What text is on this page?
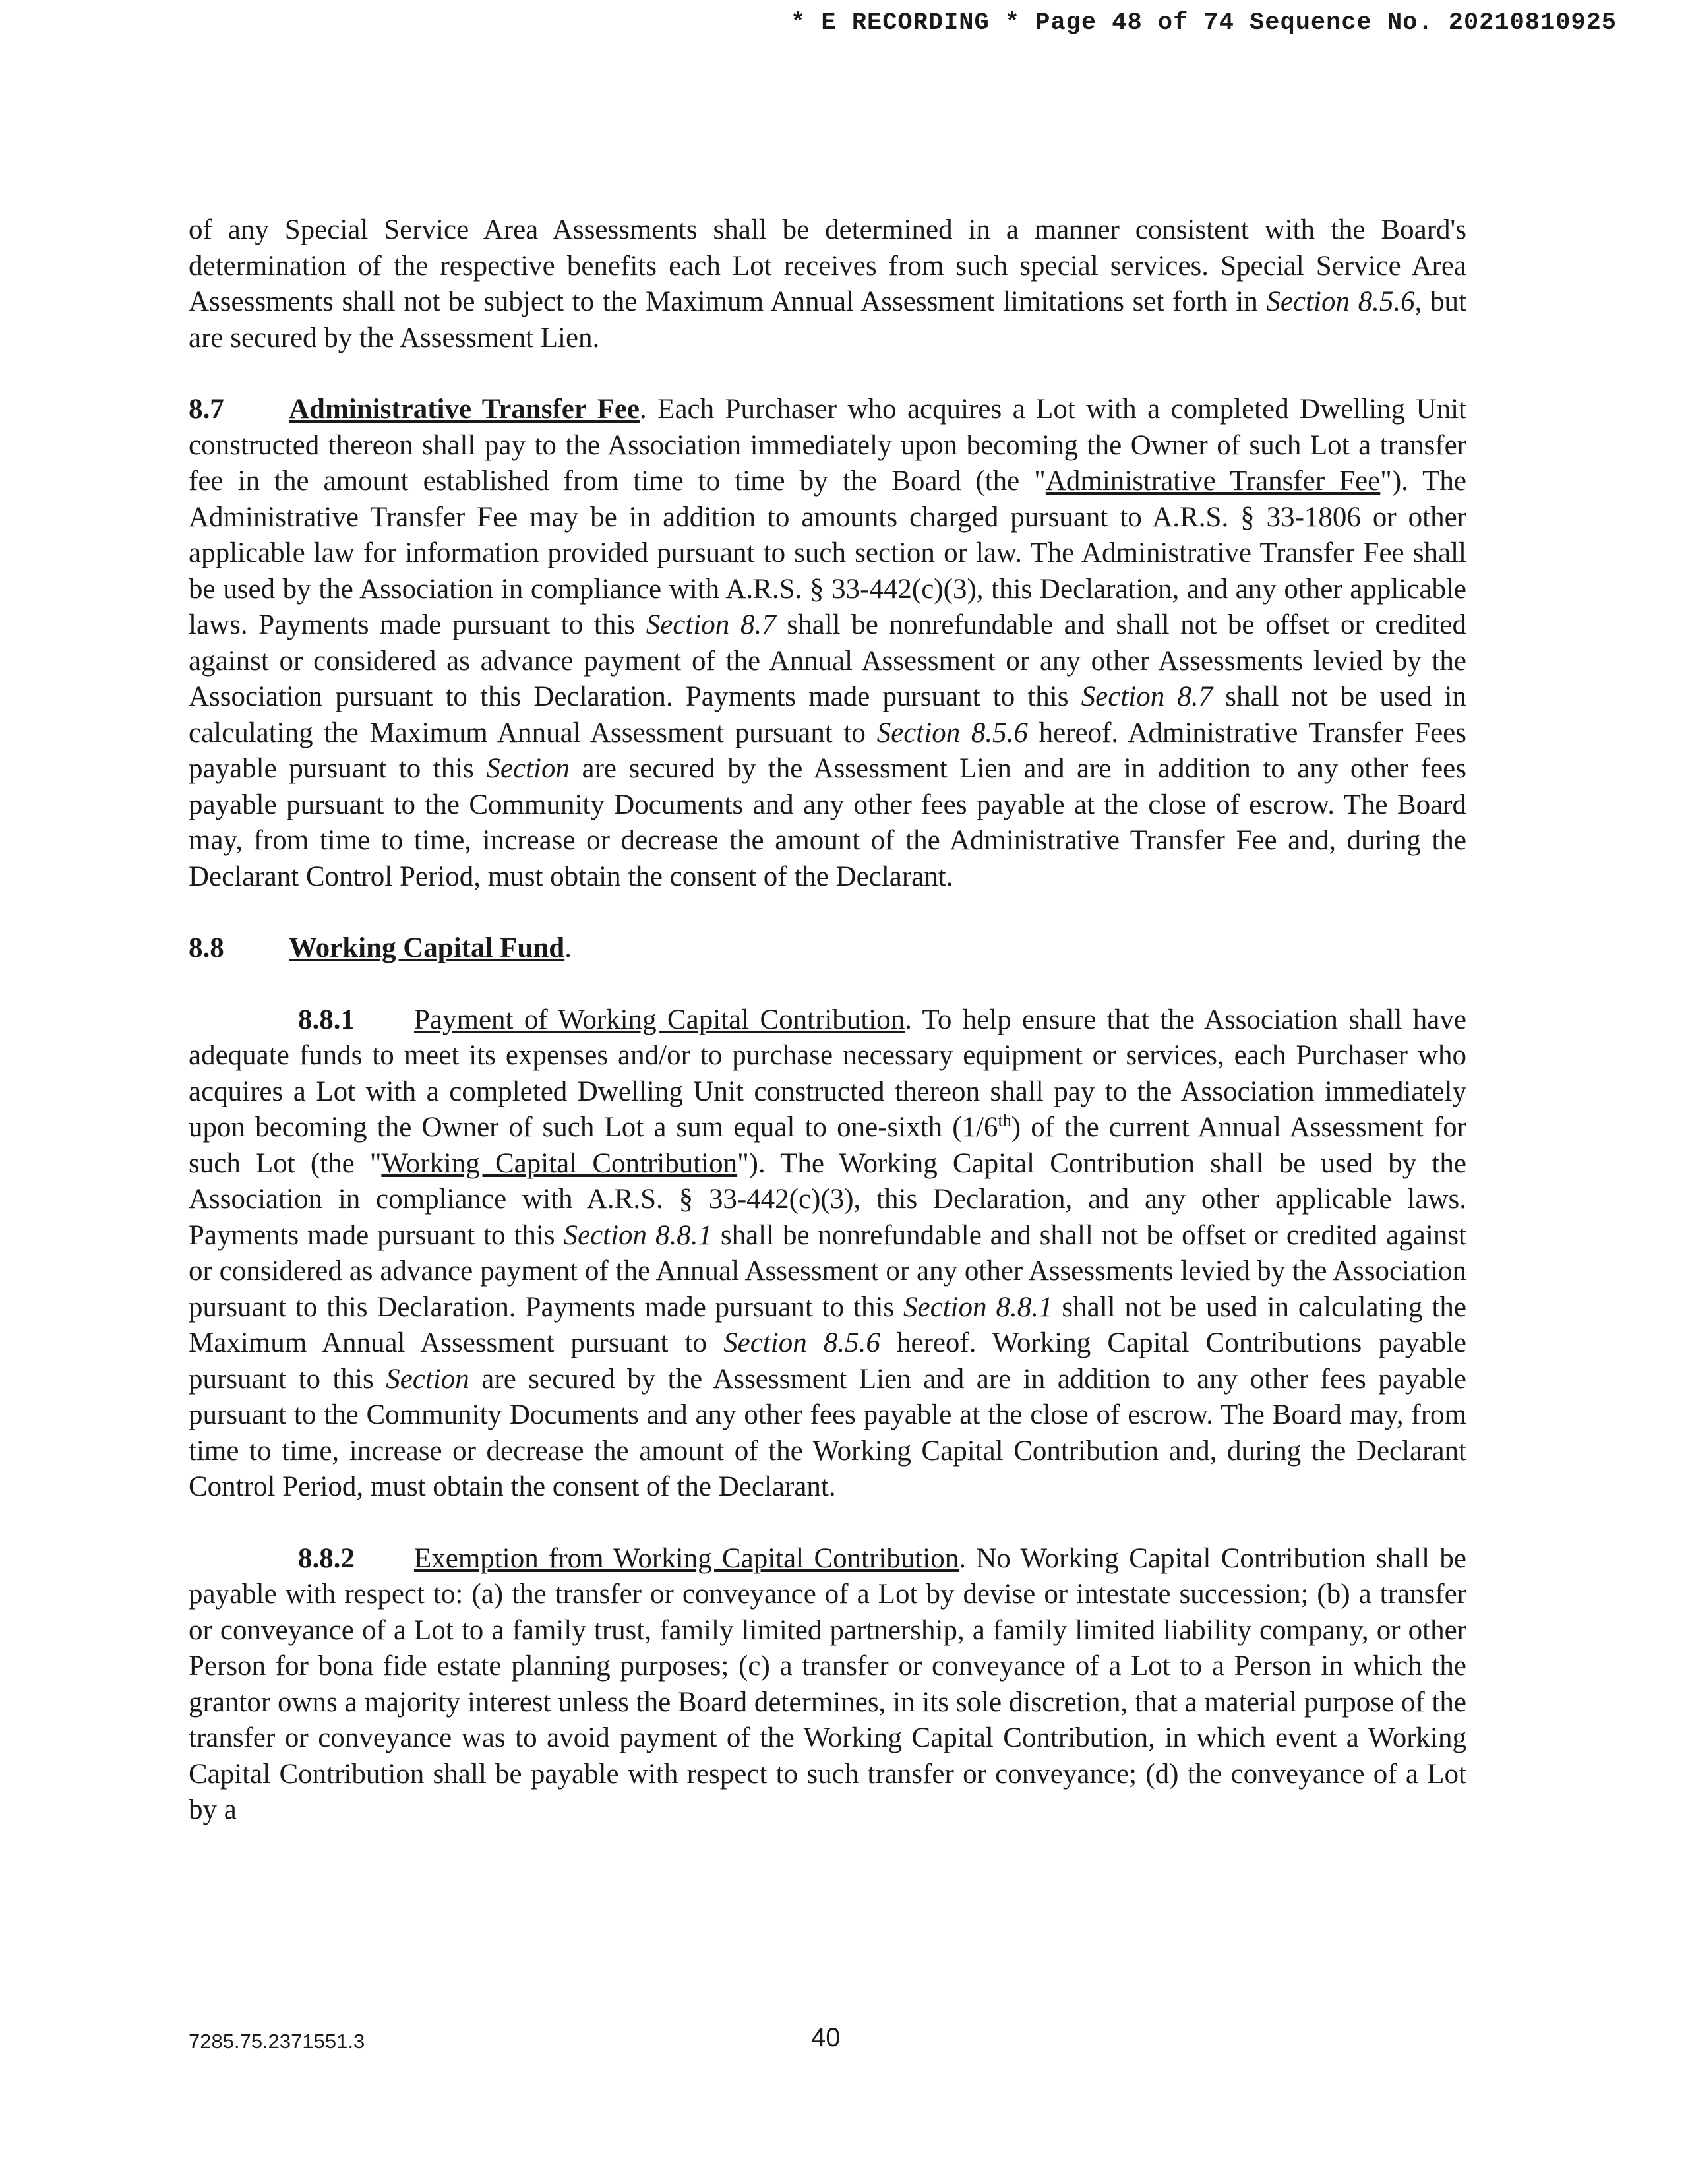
* E RECORDING * Page 48 of 74 Sequence No. 20210810925

of any Special Service Area Assessments shall be determined in a manner consistent with the Board's determination of the respective benefits each Lot receives from such special services. Special Service Area Assessments shall not be subject to the Maximum Annual Assessment limitations set forth in Section 8.5.6, but are secured by the Assessment Lien.

8.7 Administrative Transfer Fee. Each Purchaser who acquires a Lot with a completed Dwelling Unit constructed thereon shall pay to the Association immediately upon becoming the Owner of such Lot a transfer fee in the amount established from time to time by the Board (the "Administrative Transfer Fee"). The Administrative Transfer Fee may be in addition to amounts charged pursuant to A.R.S. § 33-1806 or other applicable law for information provided pursuant to such section or law. The Administrative Transfer Fee shall be used by the Association in compliance with A.R.S. § 33-442(c)(3), this Declaration, and any other applicable laws. Payments made pursuant to this Section 8.7 shall be nonrefundable and shall not be offset or credited against or considered as advance payment of the Annual Assessment or any other Assessments levied by the Association pursuant to this Declaration. Payments made pursuant to this Section 8.7 shall not be used in calculating the Maximum Annual Assessment pursuant to Section 8.5.6 hereof. Administrative Transfer Fees payable pursuant to this Section are secured by the Assessment Lien and are in addition to any other fees payable pursuant to the Community Documents and any other fees payable at the close of escrow. The Board may, from time to time, increase or decrease the amount of the Administrative Transfer Fee and, during the Declarant Control Period, must obtain the consent of the Declarant.

8.8 Working Capital Fund.

8.8.1 Payment of Working Capital Contribution. To help ensure that the Association shall have adequate funds to meet its expenses and/or to purchase necessary equipment or services, each Purchaser who acquires a Lot with a completed Dwelling Unit constructed thereon shall pay to the Association immediately upon becoming the Owner of such Lot a sum equal to one-sixth (1/6th) of the current Annual Assessment for such Lot (the "Working Capital Contribution"). The Working Capital Contribution shall be used by the Association in compliance with A.R.S. § 33-442(c)(3), this Declaration, and any other applicable laws. Payments made pursuant to this Section 8.8.1 shall be nonrefundable and shall not be offset or credited against or considered as advance payment of the Annual Assessment or any other Assessments levied by the Association pursuant to this Declaration. Payments made pursuant to this Section 8.8.1 shall not be used in calculating the Maximum Annual Assessment pursuant to Section 8.5.6 hereof. Working Capital Contributions payable pursuant to this Section are secured by the Assessment Lien and are in addition to any other fees payable pursuant to the Community Documents and any other fees payable at the close of escrow. The Board may, from time to time, increase or decrease the amount of the Working Capital Contribution and, during the Declarant Control Period, must obtain the consent of the Declarant.

8.8.2 Exemption from Working Capital Contribution. No Working Capital Contribution shall be payable with respect to: (a) the transfer or conveyance of a Lot by devise or intestate succession; (b) a transfer or conveyance of a Lot to a family trust, family limited partnership, a family limited liability company, or other Person for bona fide estate planning purposes; (c) a transfer or conveyance of a Lot to a Person in which the grantor owns a majority interest unless the Board determines, in its sole discretion, that a material purpose of the transfer or conveyance was to avoid payment of the Working Capital Contribution, in which event a Working Capital Contribution shall be payable with respect to such transfer or conveyance; (d) the conveyance of a Lot by a

7285.75.2371551.3	40
